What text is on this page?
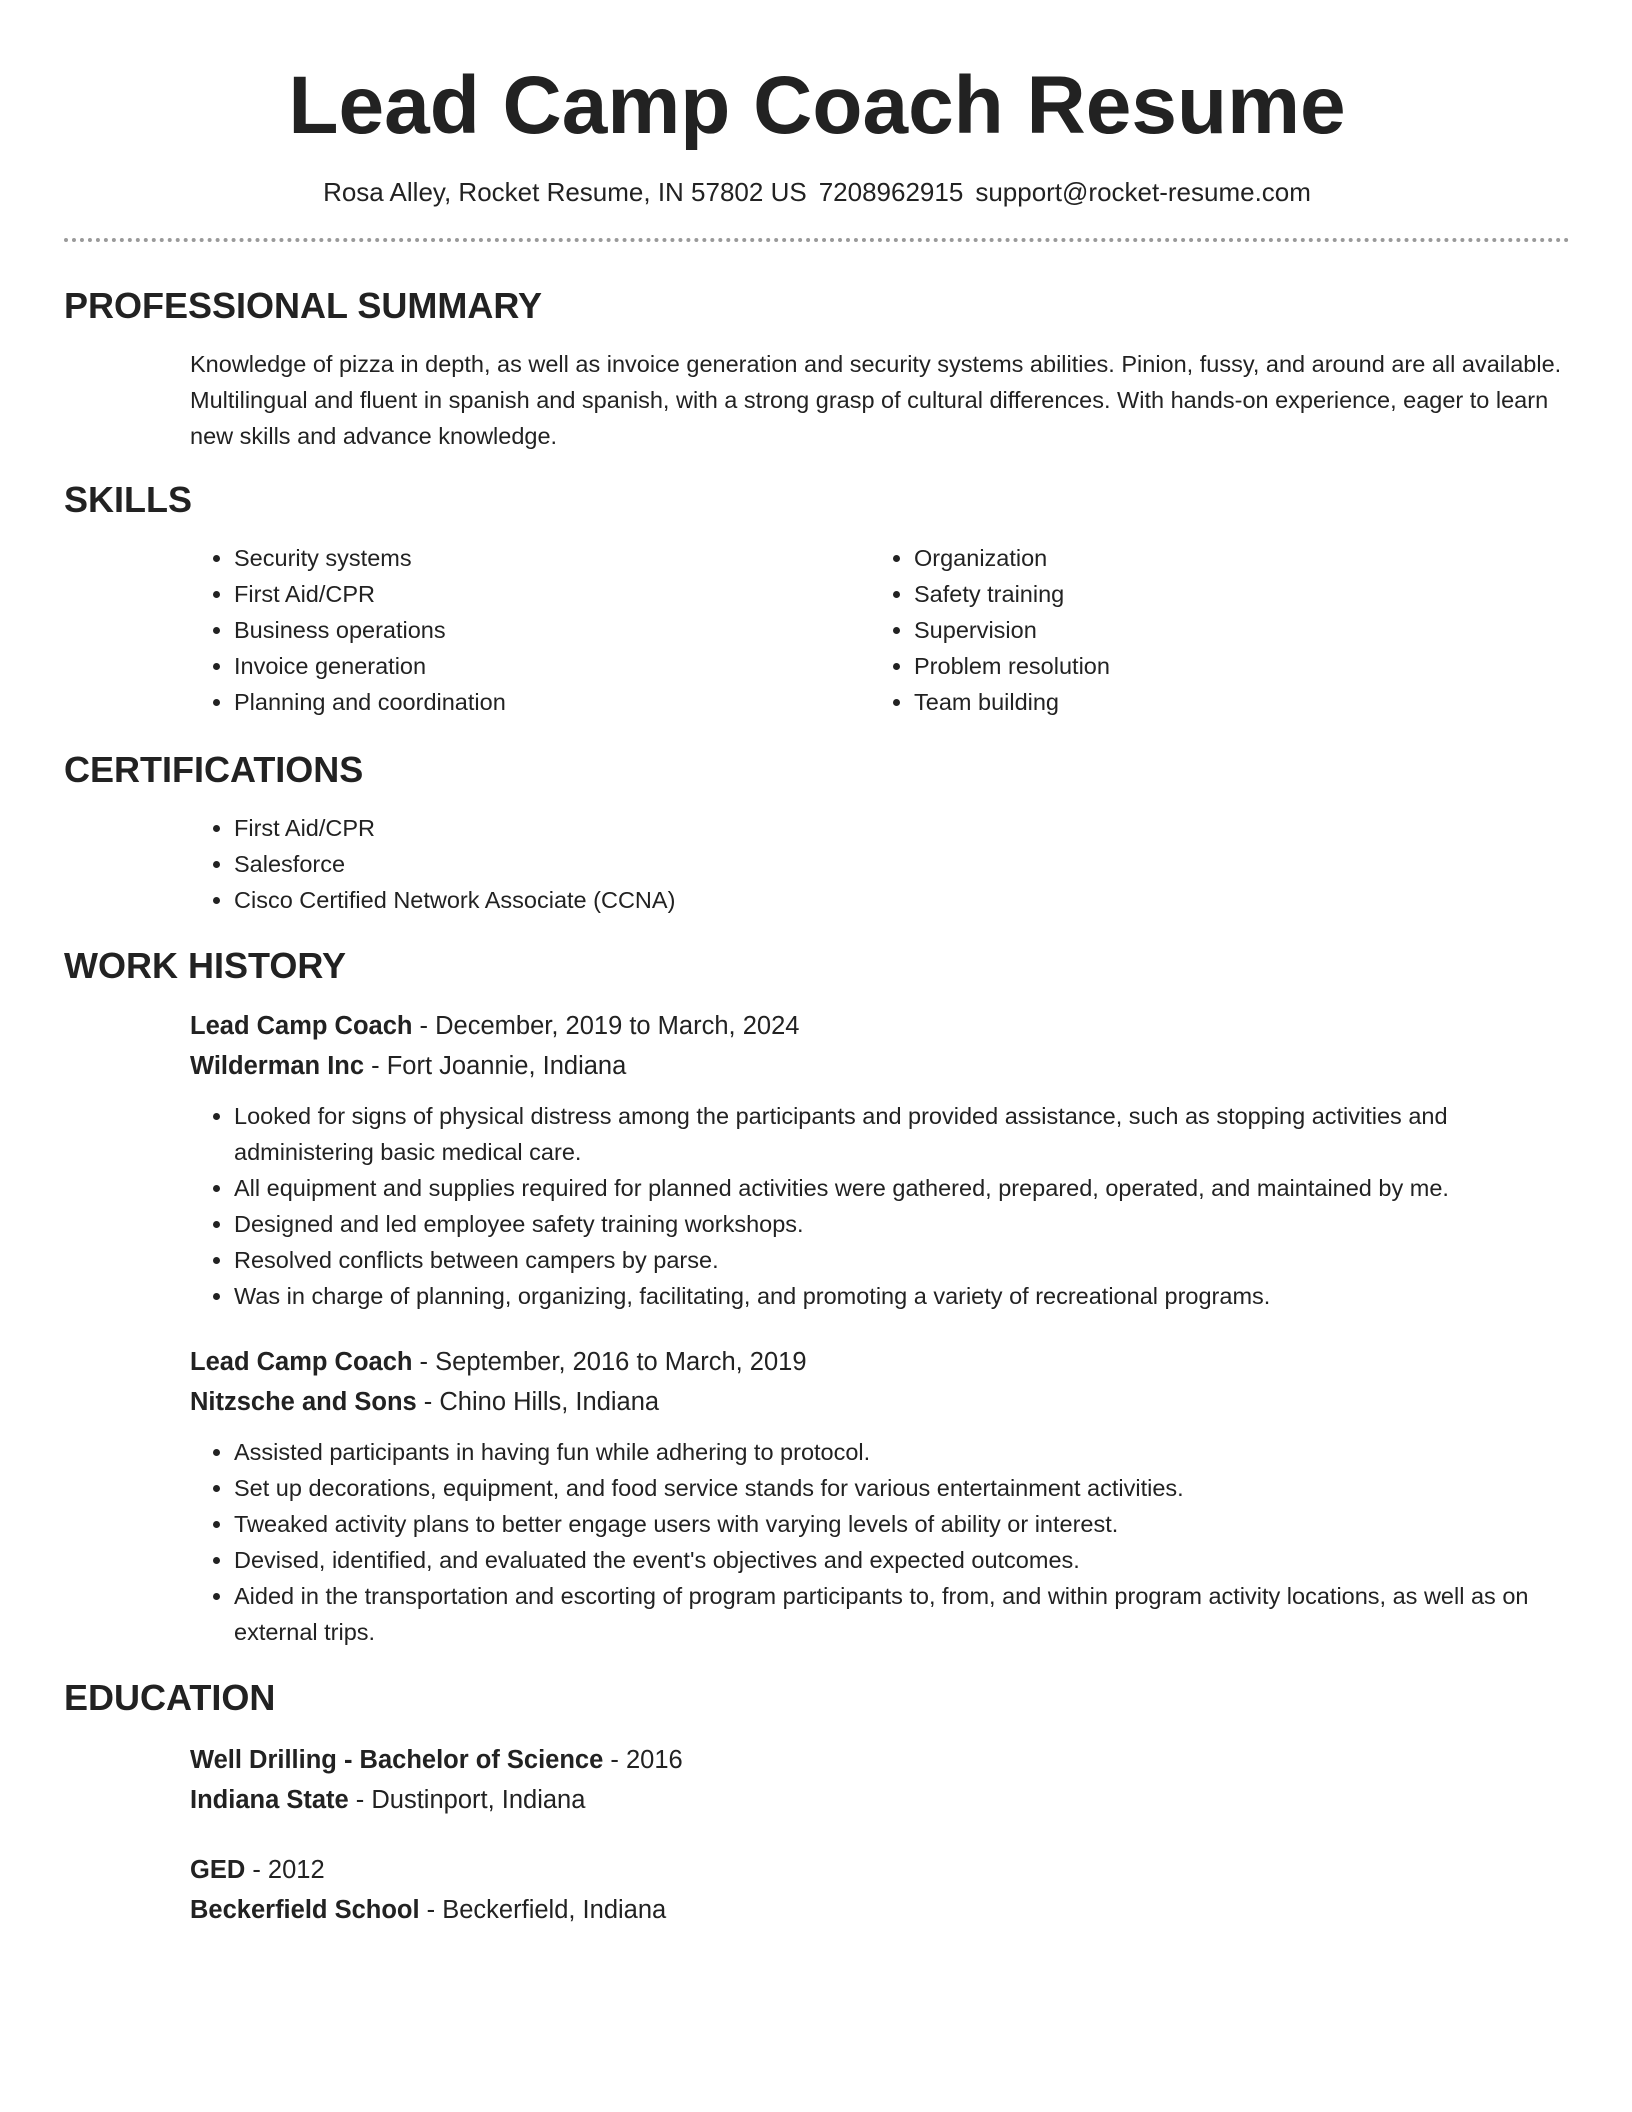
Lead Camp Coach Resume
Rosa Alley, Rocket Resume, IN 57802 US 7208962915 support@rocket-resume.com
PROFESSIONAL SUMMARY

Knowledge of pizza in depth, as well as invoice generation and security systems abilities. Pinion, fussy, and around are all available. Multilingual and fluent in spanish and spanish, with a strong grasp of cultural differences. With hands-on experience, eager to learn new skills and advance knowledge.

SKILLS
• Security systems
• First Aid/CPR
• Business operations
• Invoice generation
• Planning and coordination
• Organization
• Safety training
• Supervision
• Problem resolution
• Team building
CERTIFICATIONS
• First Aid/CPR
• Salesforce
• Cisco Certified Network Associate (CCNA)
WORK HISTORY
Lead Camp Coach - December, 2019 to March, 2024
Wilderman Inc - Fort Joannie, Indiana
• Looked for signs of physical distress among the participants and provided assistance, such as stopping activities and administering basic medical care.
• All equipment and supplies required for planned activities were gathered, prepared, operated, and maintained by me.
• Designed and led employee safety training workshops.
• Resolved conflicts between campers by parse.
• Was in charge of planning, organizing, facilitating, and promoting a variety of recreational programs.
Lead Camp Coach - September, 2016 to March, 2019
Nitzsche and Sons - Chino Hills, Indiana
• Assisted participants in having fun while adhering to protocol.
• Set up decorations, equipment, and food service stands for various entertainment activities.
• Tweaked activity plans to better engage users with varying levels of ability or interest.
• Devised, identified, and evaluated the event's objectives and expected outcomes.
• Aided in the transportation and escorting of program participants to, from, and within program activity locations, as well as on external trips.
EDUCATION
Well Drilling - Bachelor of Science - 2016
Indiana State - Dustinport, Indiana
GED - 2012
Beckerfield School - Beckerfield, Indiana
